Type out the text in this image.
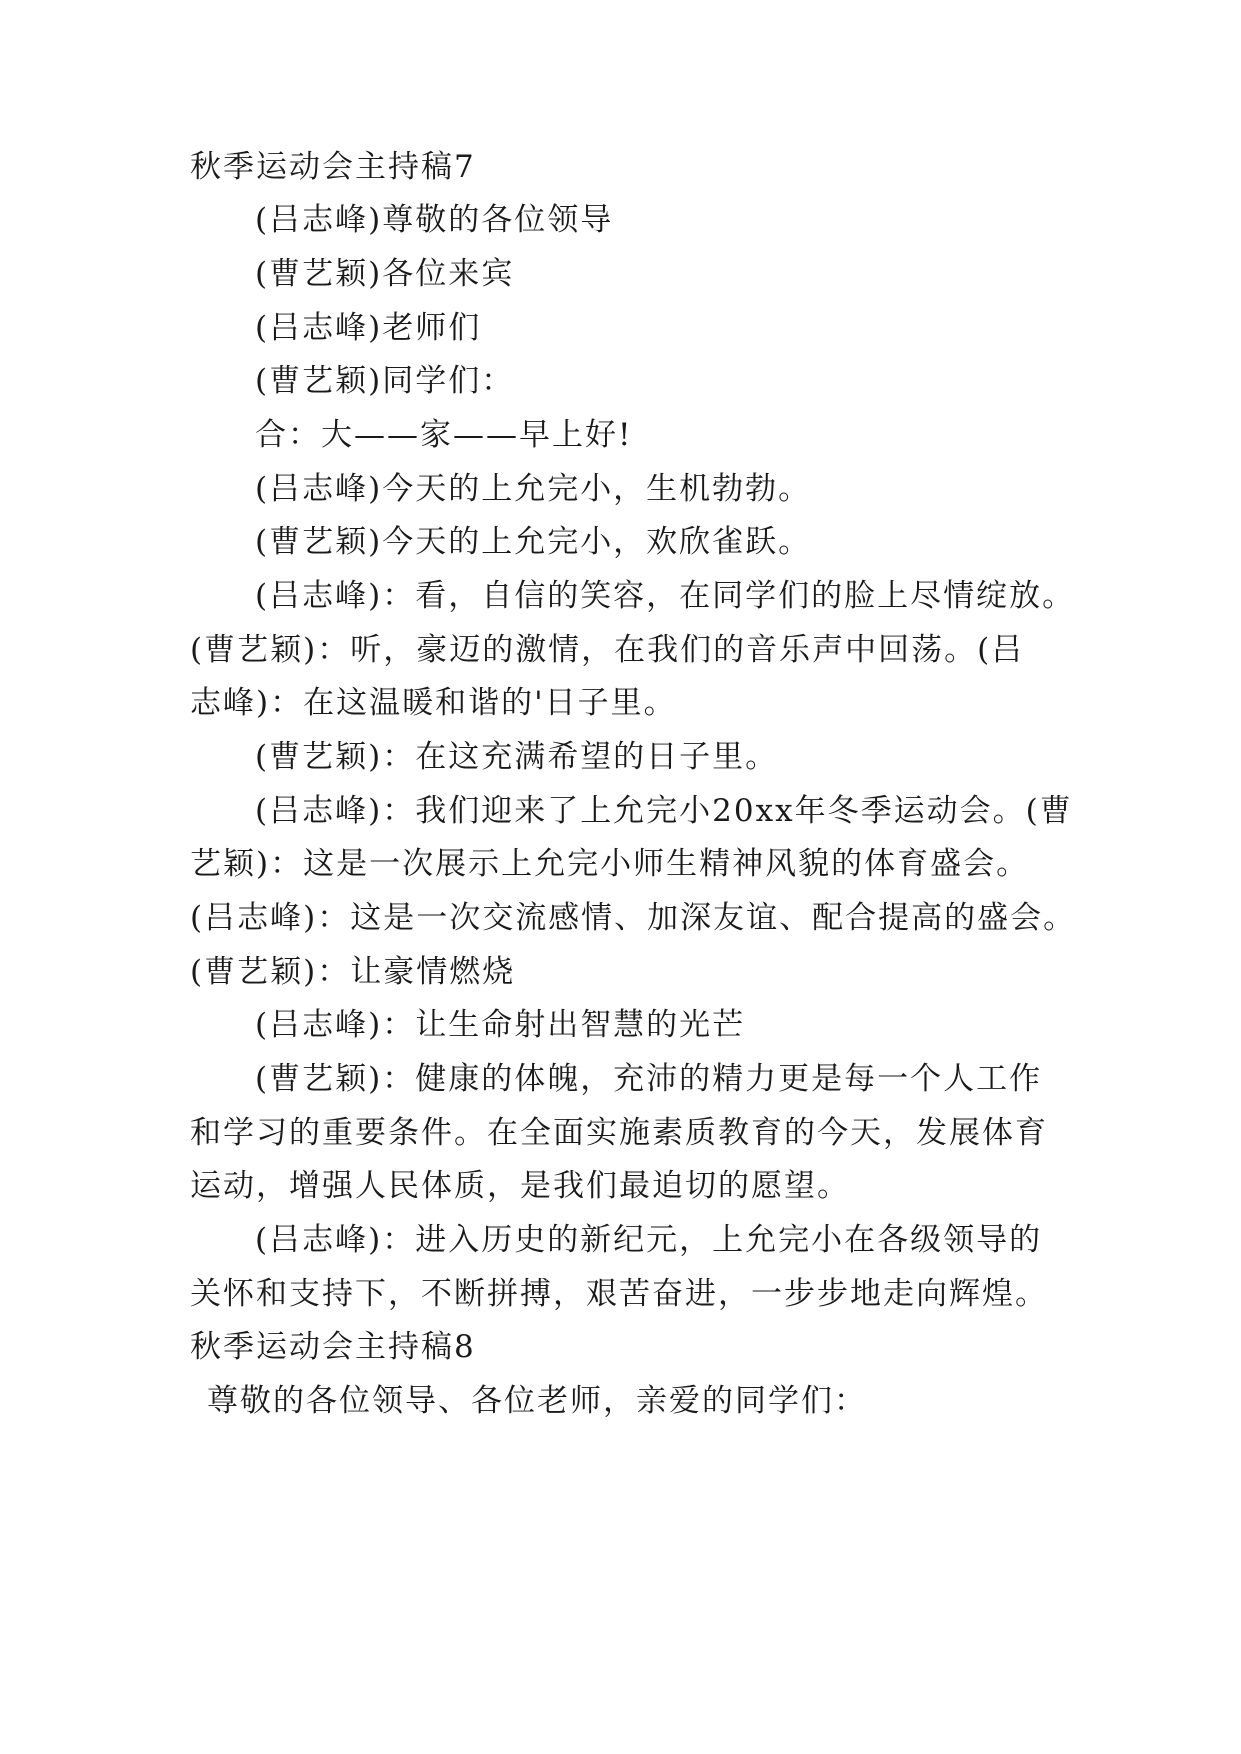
秋季运动会主持稿7
(吕志峰)尊敬的各位领导
(曹艺颖)各位来宾
(吕志峰)老师们
(曹艺颖)同学们：
合：大——家——早上好!
(吕志峰)今天的上允完小，生机勃勃。
(曹艺颖)今天的上允完小，欢欣雀跃。
(吕志峰)：看，自信的笑容，在同学们的脸上尽情绽放。
(曹艺颖)：听，豪迈的激情，在我们的音乐声中回荡。(吕
志峰)：在这温暖和谐的'日子里。
(曹艺颖)：在这充满希望的日子里。
(吕志峰)：我们迎来了上允完小20xx年冬季运动会。(曹
艺颖)：这是一次展示上允完小师生精神风貌的体育盛会。
(吕志峰)：这是一次交流感情、加深友谊、配合提高的盛会。
(曹艺颖)：让豪情燃烧
(吕志峰)：让生命射出智慧的光芒
(曹艺颖)：健康的体魄，充沛的精力更是每一个人工作
和学习的重要条件。在全面实施素质教育的今天，发展体育
运动，增强人民体质，是我们最迫切的愿望。
(吕志峰)：进入历史的新纪元，上允完小在各级领导的
关怀和支持下，不断拼搏，艰苦奋进，一步步地走向辉煌。
秋季运动会主持稿8
尊敬的各位领导、各位老师，亲爱的同学们：
